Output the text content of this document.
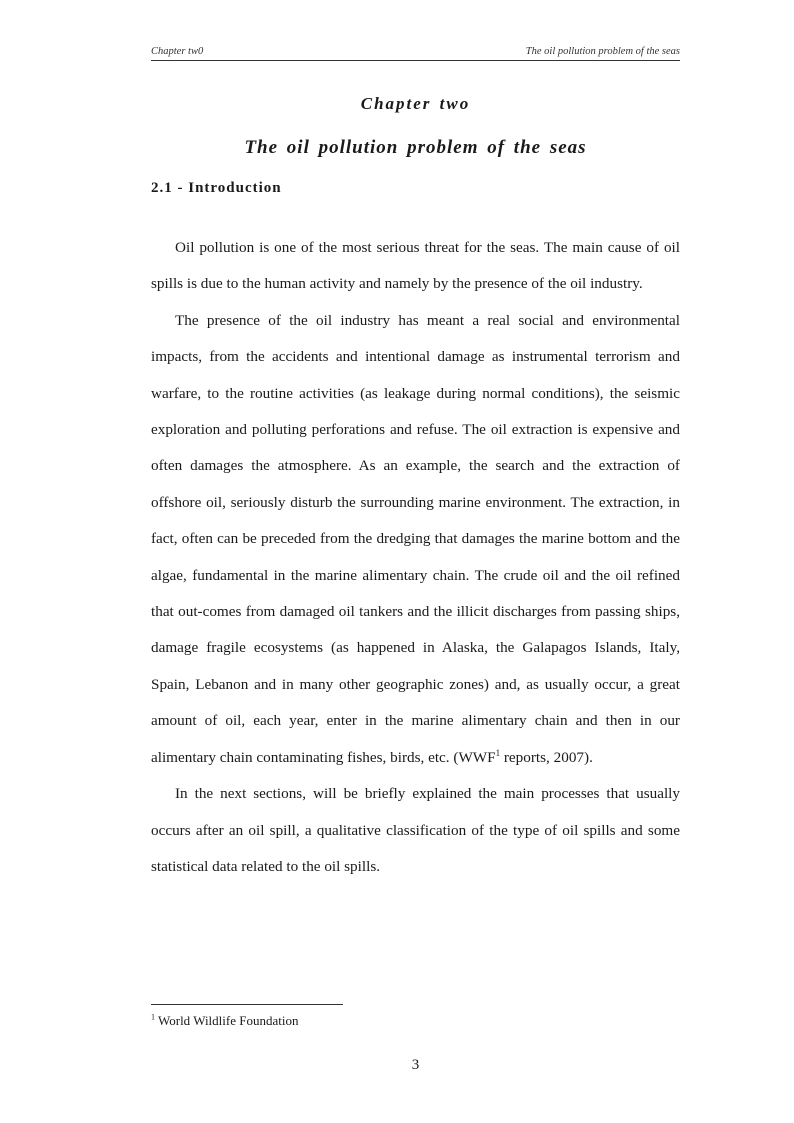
Chapter tw0	The oil pollution problem of the seas
Chapter two
The oil pollution problem of the seas
2.1 - Introduction

Oil pollution is one of the most serious threat for the seas. The main cause of oil spills is due to the human activity and namely by the presence of the oil industry.

The presence of the oil industry has meant a real social and environmental impacts, from the accidents and intentional damage as instrumental terrorism and warfare, to the routine activities (as leakage during normal conditions), the seismic exploration and polluting perforations and refuse. The oil extraction is expensive and often damages the atmosphere. As an example, the search and the extraction of offshore oil, seriously disturb the surrounding marine environment. The extraction, in fact, often can be preceded from the dredging that damages the marine bottom and the algae, fundamental in the marine alimentary chain. The crude oil and the oil refined that out-comes from damaged oil tankers and the illicit discharges from passing ships, damage fragile ecosystems (as happened in Alaska, the Galapagos Islands, Italy, Spain, Lebanon and in many other geographic zones) and, as usually occur, a great amount of oil, each year, enter in the marine alimentary chain and then in our alimentary chain contaminating fishes, birds, etc. (WWF$^1$ reports, 2007).

In the next sections, will be briefly explained the main processes that usually occurs after an oil spill, a qualitative classification of the type of oil spills and some statistical data related to the oil spills.

$^1$ World Wildlife Foundation
3
